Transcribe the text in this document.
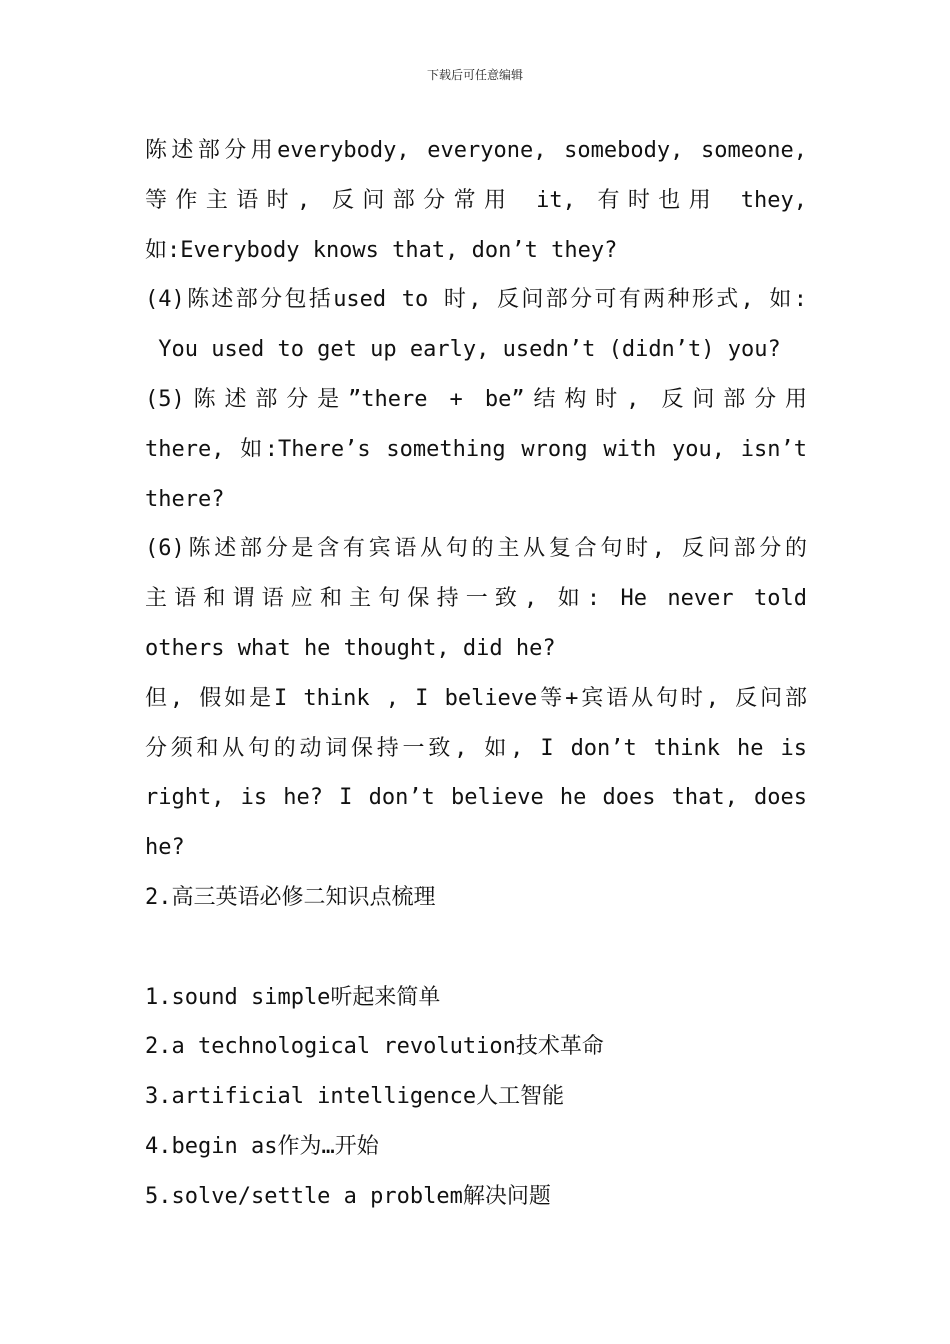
下载后可任意编辑
陈述部分用everybody, everyone, somebody, someone,
等作主语时, 反问部分常用 it, 有时也用 they,
如:Everybody knows that, don’t they?
(4)陈述部分包括used to 时, 反问部分可有两种形式, 如:
You used to get up early, usedn’t (didn’t) you?
(5)陈述部分是”there + be”结构时, 反问部分用
there, 如:There’s something wrong with you, isn’t
there?
(6)陈述部分是含有宾语从句的主从复合句时, 反问部分的
主语和谓语应和主句保持一致, 如: He never told
others what he thought, did he?
但, 假如是I think , I believe等+宾语从句时, 反问部
分须和从句的动词保持一致, 如, I don’t think he is
right, is he? I don’t believe he does that, does
he?
2.高三英语必修二知识点梳理
1.sound simple听起来简单
2.a technological revolution技术革命
3.artificial intelligence人工智能
4.begin as作为…开始
5.solve/settle a problem解决问题
